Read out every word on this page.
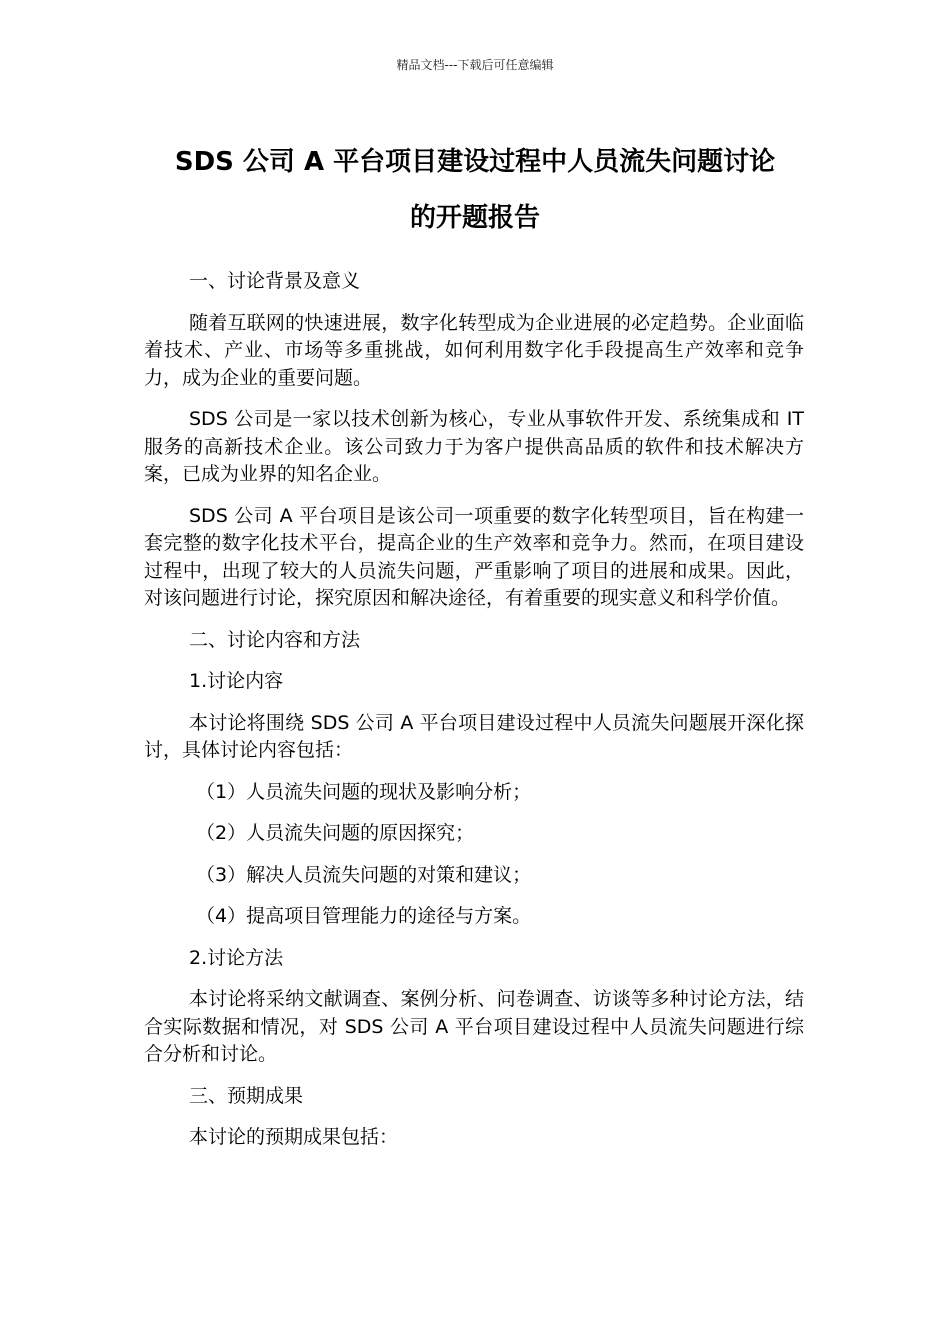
精品文档---下载后可任意编辑
SDS 公司 A 平台项目建设过程中人员流失问题讨论
的开题报告

一、讨论背景及意义

随着互联网的快速进展，数字化转型成为企业进展的必定趋势。企业面临着技术、产业、市场等多重挑战，如何利用数字化手段提高生产效率和竞争力，成为企业的重要问题。

SDS 公司是一家以技术创新为核心，专业从事软件开发、系统集成和 IT 服务的高新技术企业。该公司致力于为客户提供高品质的软件和技术解决方案，已成为业界的知名企业。

SDS 公司 A 平台项目是该公司一项重要的数字化转型项目，旨在构建一套完整的数字化技术平台，提高企业的生产效率和竞争力。然而，在项目建设过程中，出现了较大的人员流失问题，严重影响了项目的进展和成果。因此，对该问题进行讨论，探究原因和解决途径，有着重要的现实意义和科学价值。

二、讨论内容和方法

1.讨论内容

本讨论将围绕 SDS 公司 A 平台项目建设过程中人员流失问题展开深化探讨，具体讨论内容包括：

（1）人员流失问题的现状及影响分析；

（2）人员流失问题的原因探究；

（3）解决人员流失问题的对策和建议；

（4）提高项目管理能力的途径与方案。

2.讨论方法

本讨论将采纳文献调查、案例分析、问卷调查、访谈等多种讨论方法，结合实际数据和情况，对 SDS 公司 A 平台项目建设过程中人员流失问题进行综合分析和讨论。

三、预期成果

本讨论的预期成果包括：
